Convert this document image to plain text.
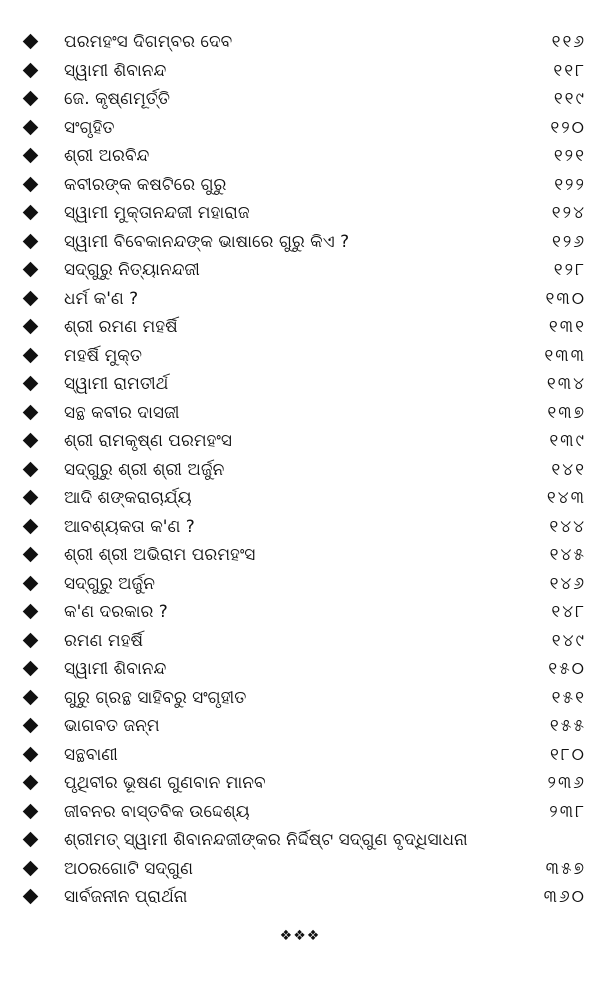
ପରମହଂସ ଦିଗମ୍ବର ଦେବ	୧୧୬
ସ୍ୱାମୀ ଶିବାନନ୍ଦ	୧୧୮
ଜେ. କୃଷ୍ଣମୂର୍ତ୍ତି	୧୧୯
ସଂଗୃହିତ	୧୨୦
ଶ୍ରୀ ଅରବିନ୍ଦ	୧୨୧
କବୀରଙ୍କ କଷଟିରେ ଗୁରୁ	୧୨୨
ସ୍ୱାମୀ ମୁକ୍ତାନନ୍ଦଜୀ ମହାରାଜ	୧୨୪
ସ୍ୱାମୀ ବିବେକାନନ୍ଦଙ୍କ ଭାଷାରେ ଗୁରୁ କିଏ ?	୧୨୬
ସଦ୍‌ଗୁରୁ ନିତ୍ୟାନନ୍ଦଜୀ	୧୨୮
ଧର୍ମ କ'ଣ ?	୧୩୦
ଶ୍ରୀ ରମଣ ମହର୍ଷି	୧୩୧
ମହର୍ଷି ମୁକ୍ତ	୧୩୩
ସ୍ୱାମୀ ରାମତୀର୍ଥ	୧୩୪
ସନ୍ଥ କବୀର ଦାସଜୀ	୧୩୭
ଶ୍ରୀ ରାମକୃଷ୍ଣ ପରମହଂସ	୧୩୯
ସଦ୍‌ଗୁରୁ ଶ୍ରୀ ଶ୍ରୀ ଅର୍ଜୁନ	୧୪୧
ଆଦି ଶଙ୍କରାଚାର୍ଯ୍ୟ	୧୪୩
ଆବଶ୍ୟକତା କ'ଣ ?	୧୪୪
ଶ୍ରୀ ଶ୍ରୀ ଅଭିରାମ ପରମହଂସ	୧୪୫
ସଦ୍‌ଗୁରୁ ଅର୍ଜୁନ	୧୪୬
କ'ଣ ଦରକାର ?	୧୪୮
ରମଣ ମହର୍ଷି	୧୪୯
ସ୍ୱାମୀ ଶିବାନନ୍ଦ	୧୫୦
ଗୁରୁ ଗ୍ରନ୍ଥ ସାହିବରୁ ସଂଗୃହୀତ	୧୫୧
ଭାଗବତ ଜନ୍ମ	୧୫୫
ସନ୍ଥବାଣୀ	୧୮୦
ପୃଥିବୀର ଭୂଷଣ ଗୁଣବାନ ମାନବ	୨୩୬
ଜୀବନର ବାସ୍ତବିକ ଉଦ୍ଦେଶ୍ୟ	୨୩୮
ଶ୍ରୀମତ୍ ସ୍ୱାମୀ ଶିବାନନ୍ଦଜୀଙ୍କର ନିର୍ଦ୍ଦିଷ୍ଟ ସଦ୍‌ଗୁଣ ବୃଦ୍ଧିସାଧନା
ଅଠରଗୋଟି ସଦ୍‌ଗୁଣ	୩୫୭
ସାର୍ବଜନୀନ ପ୍ରାର୍ଥନା	୩୬୦
❖❖❖
